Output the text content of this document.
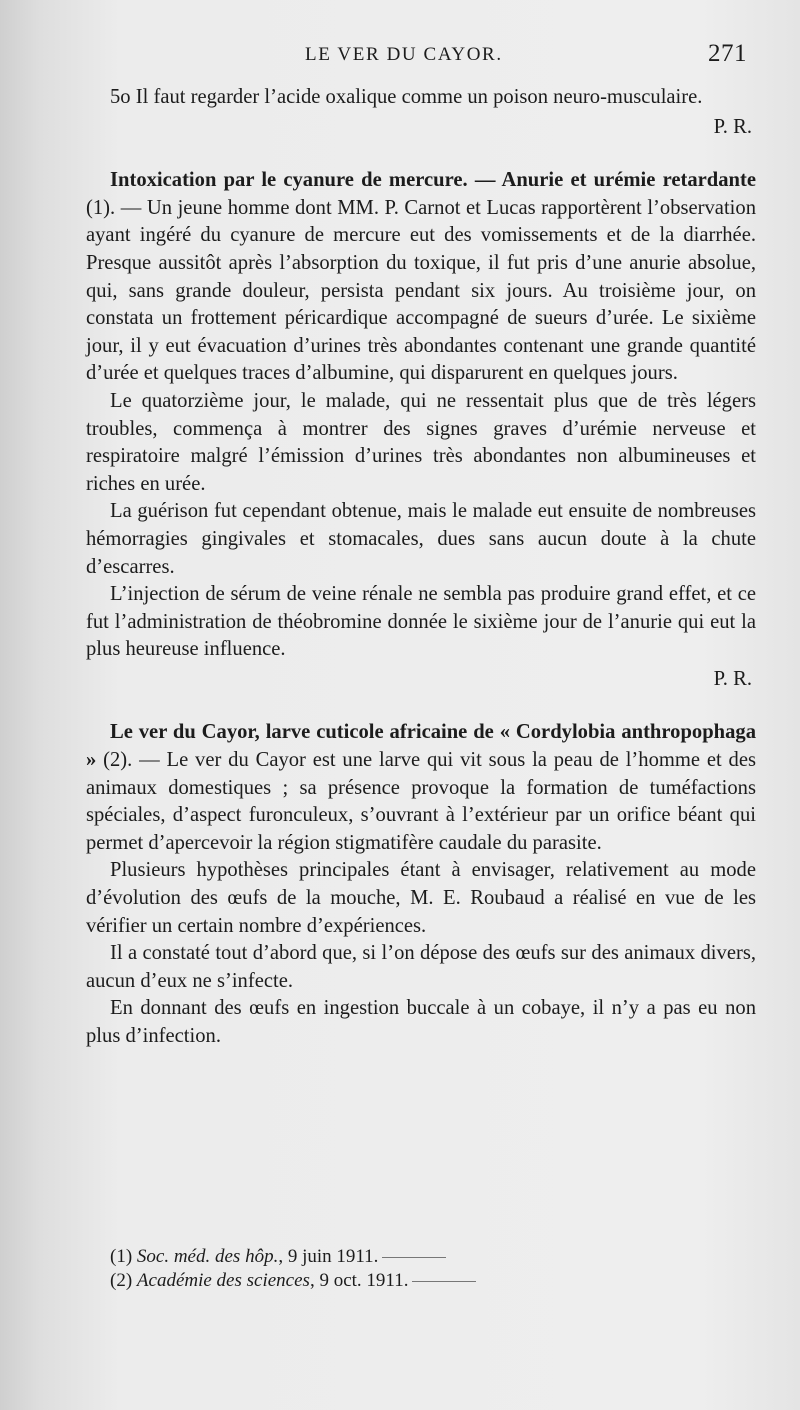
LE VER DU CAYOR.	271

5o Il faut regarder l’acide oxalique comme un poison neuro-musculaire.

P. R.

Intoxication par le cyanure de mercure. — Anurie et urémie retardante (1). — Un jeune homme dont MM. P. Carnot et Lucas rapportèrent l’observation ayant ingéré du cyanure de mercure eut des vomissements et de la diarrhée. Presque aussitôt après l’absorption du toxique, il fut pris d’une anurie absolue, qui, sans grande douleur, persista pendant six jours. Au troisième jour, on constata un frottement péricardique accompagné de sueurs d’urée. Le sixième jour, il y eut évacuation d’urines très abondantes contenant une grande quantité d’urée et quelques traces d’albumine, qui disparurent en quelques jours.

Le quatorzième jour, le malade, qui ne ressentait plus que de très légers troubles, commença à montrer des signes graves d’urémie nerveuse et respiratoire malgré l’émission d’urines très abondantes non albumineuses et riches en urée.

La guérison fut cependant obtenue, mais le malade eut ensuite de nombreuses hémorragies gingivales et stomacales, dues sans aucun doute à la chute d’escarres.

L’injection de sérum de veine rénale ne sembla pas produire grand effet, et ce fut l’administration de théobromine donnée le sixième jour de l’anurie qui eut la plus heureuse influence.

P. R.

Le ver du Cayor, larve cuticole africaine de « Cordylobia anthropophaga » (2). — Le ver du Cayor est une larve qui vit sous la peau de l’homme et des animaux domestiques ; sa présence provoque la formation de tuméfactions spéciales, d’aspect furonculeux, s’ouvrant à l’extérieur par un orifice béant qui permet d’apercevoir la région stigmatifère caudale du parasite.

Plusieurs hypothèses principales étant à envisager, relativement au mode d’évolution des œufs de la mouche, M. E. Roubaud a réalisé en vue de les vérifier un certain nombre d’expériences.

Il a constaté tout d’abord que, si l’on dépose des œufs sur des animaux divers, aucun d’eux ne s’infecte.

En donnant des œufs en ingestion buccale à un cobaye, il n’y a pas eu non plus d’infection.

(1) Soc. méd. des hôp., 9 juin 1911.

(2) Académie des sciences, 9 oct. 1911.
